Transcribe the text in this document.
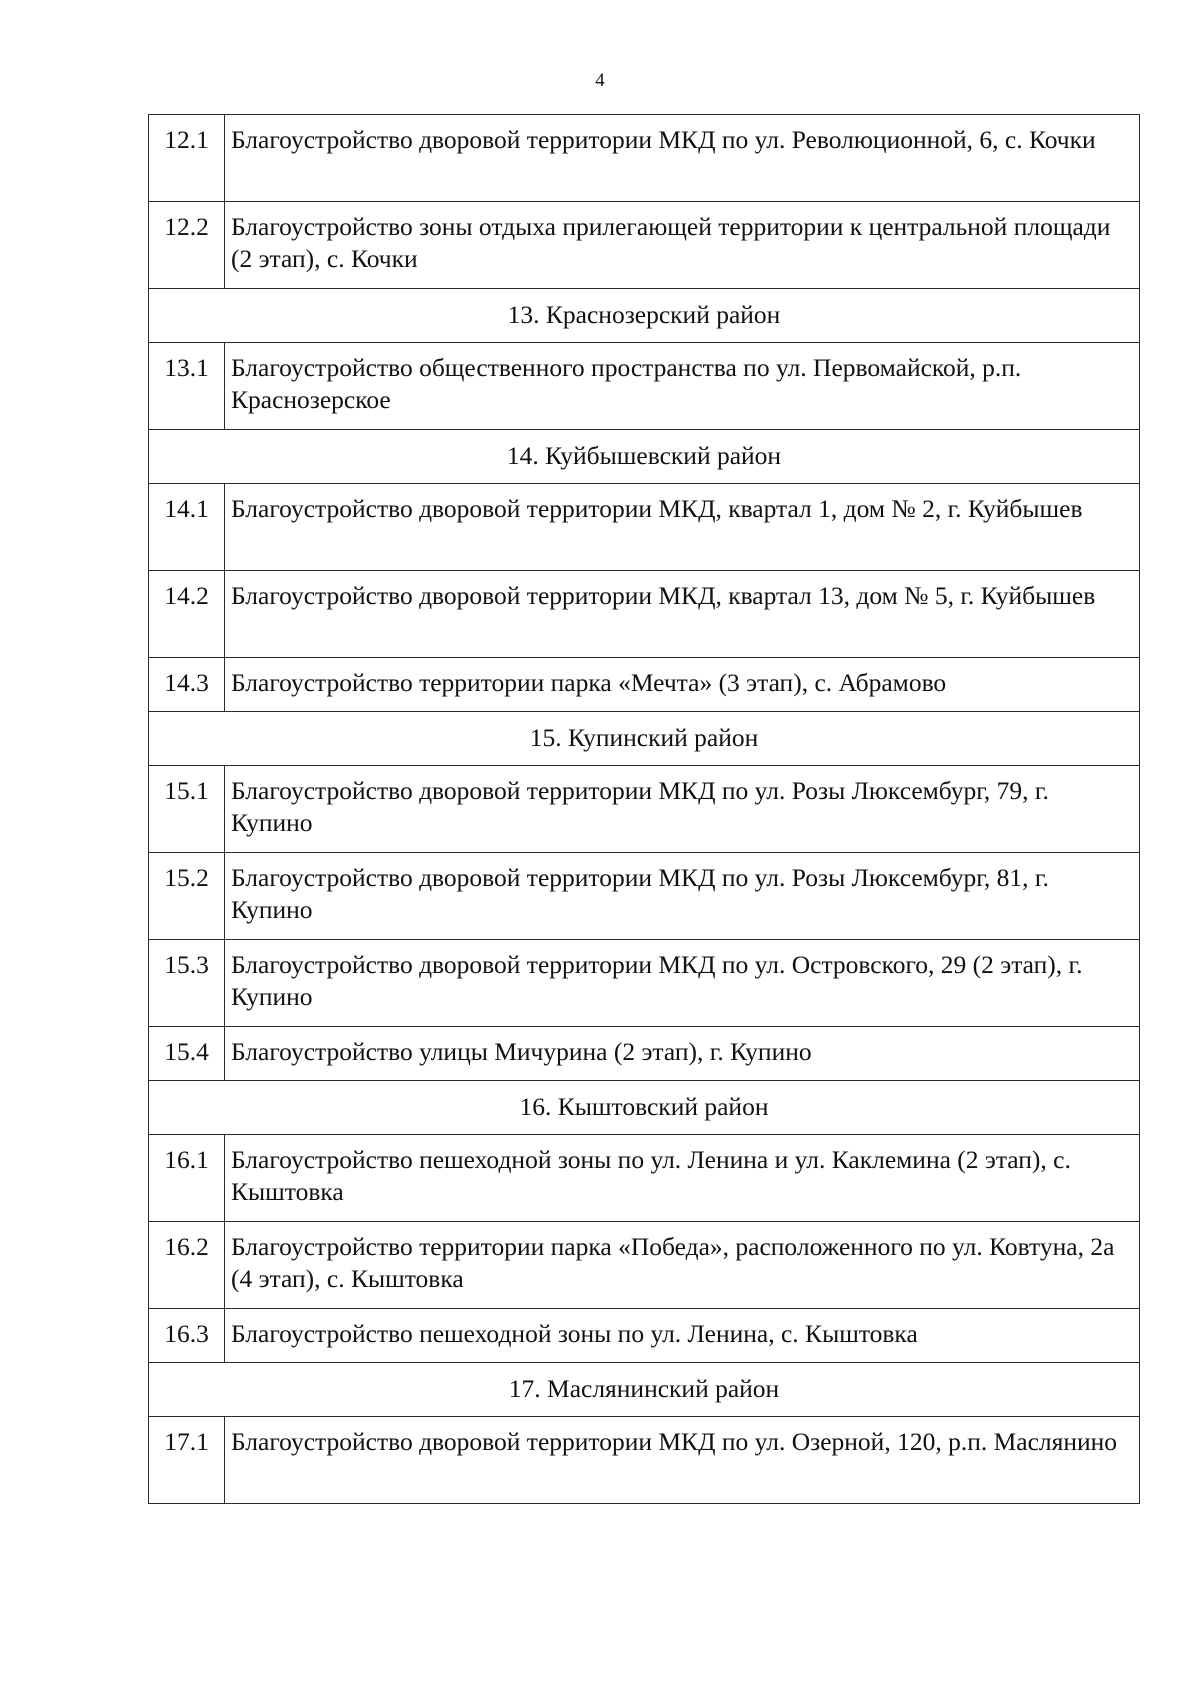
4
12.1	Благоустройство дворовой территории МКД по ул. Революционной, 6, с. Кочки
12.2	Благоустройство зоны отдыха прилегающей территории к центральной площади (2 этап), с. Кочки
13. Краснозерский район	
13.1	Благоустройство общественного пространства по ул. Первомайской, р.п. Краснозерское
14. Куйбышевский район	
14.1	Благоустройство дворовой территории МКД, квартал 1, дом № 2, г. Куйбышев
14.2	Благоустройство дворовой территории МКД, квартал 13, дом № 5, г. Куйбышев
14.3	Благоустройство территории парка «Мечта» (3 этап), с. Абрамово
15. Купинский район	
15.1	Благоустройство дворовой территории МКД по ул. Розы Люксембург, 79, г. Купино
15.2	Благоустройство дворовой территории МКД по ул. Розы Люксембург, 81, г. Купино
15.3	Благоустройство дворовой территории МКД по ул. Островского, 29 (2 этап), г. Купино
15.4	Благоустройство улицы Мичурина (2 этап), г. Купино
16. Кыштовский район	
16.1	Благоустройство пешеходной зоны по ул. Ленина и ул. Каклемина (2 этап), с. Кыштовка
16.2	Благоустройство территории парка «Победа», расположенного по ул. Ковтуна, 2а (4 этап), с. Кыштовка
16.3	Благоустройство пешеходной зоны по ул. Ленина, с. Кыштовка
17. Маслянинский район	
17.1	Благоустройство дворовой территории МКД по ул. Озерной, 120, р.п. Маслянино
